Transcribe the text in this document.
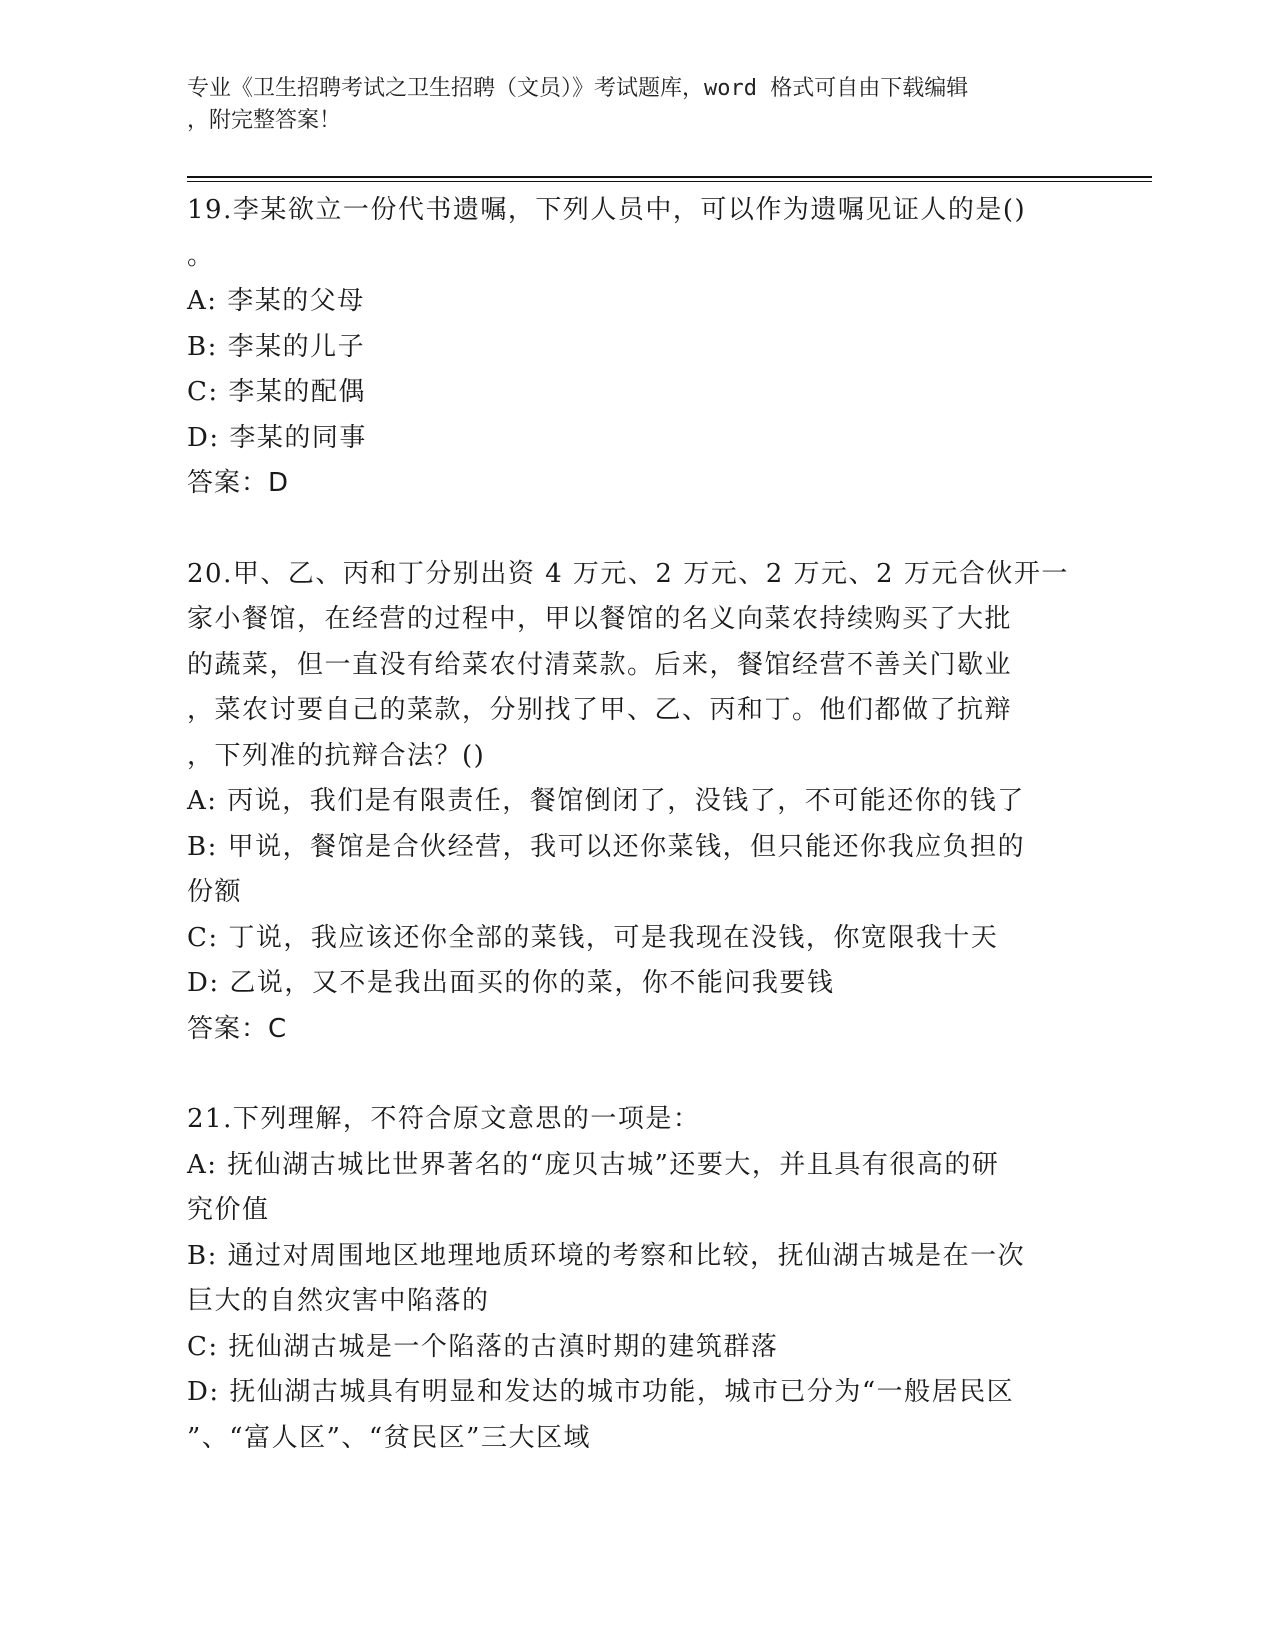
专业《卫生招聘考试之卫生招聘（文员）》考试题库，word 格式可自由下载编辑
，附完整答案！
19.李某欲立一份代书遗嘱，下列人员中，可以作为遗嘱见证人的是()
。
A: 李某的父母
B: 李某的儿子
C: 李某的配偶
D: 李某的同事
答案：D
20.甲、乙、丙和丁分别出资 4 万元、2 万元、2 万元、2 万元合伙开一
家小餐馆，在经营的过程中，甲以餐馆的名义向菜农持续购买了大批
的蔬菜，但一直没有给菜农付清菜款。后来，餐馆经营不善关门歇业
，菜农讨要自己的菜款，分别找了甲、乙、丙和丁。他们都做了抗辩
，下列准的抗辩合法？()
A: 丙说，我们是有限责任，餐馆倒闭了，没钱了，不可能还你的钱了
B: 甲说，餐馆是合伙经营，我可以还你菜钱，但只能还你我应负担的
份额
C: 丁说，我应该还你全部的菜钱，可是我现在没钱，你宽限我十天
D: 乙说，又不是我出面买的你的菜，你不能问我要钱
答案：C
21.下列理解，不符合原文意思的一项是：
A: 抚仙湖古城比世界著名的“庞贝古城”还要大，并且具有很高的研
究价值
B: 通过对周围地区地理地质环境的考察和比较，抚仙湖古城是在一次
巨大的自然灾害中陷落的
C: 抚仙湖古城是一个陷落的古滇时期的建筑群落
D: 抚仙湖古城具有明显和发达的城市功能，城市已分为“一般居民区
”、“富人区”、“贫民区”三大区域
